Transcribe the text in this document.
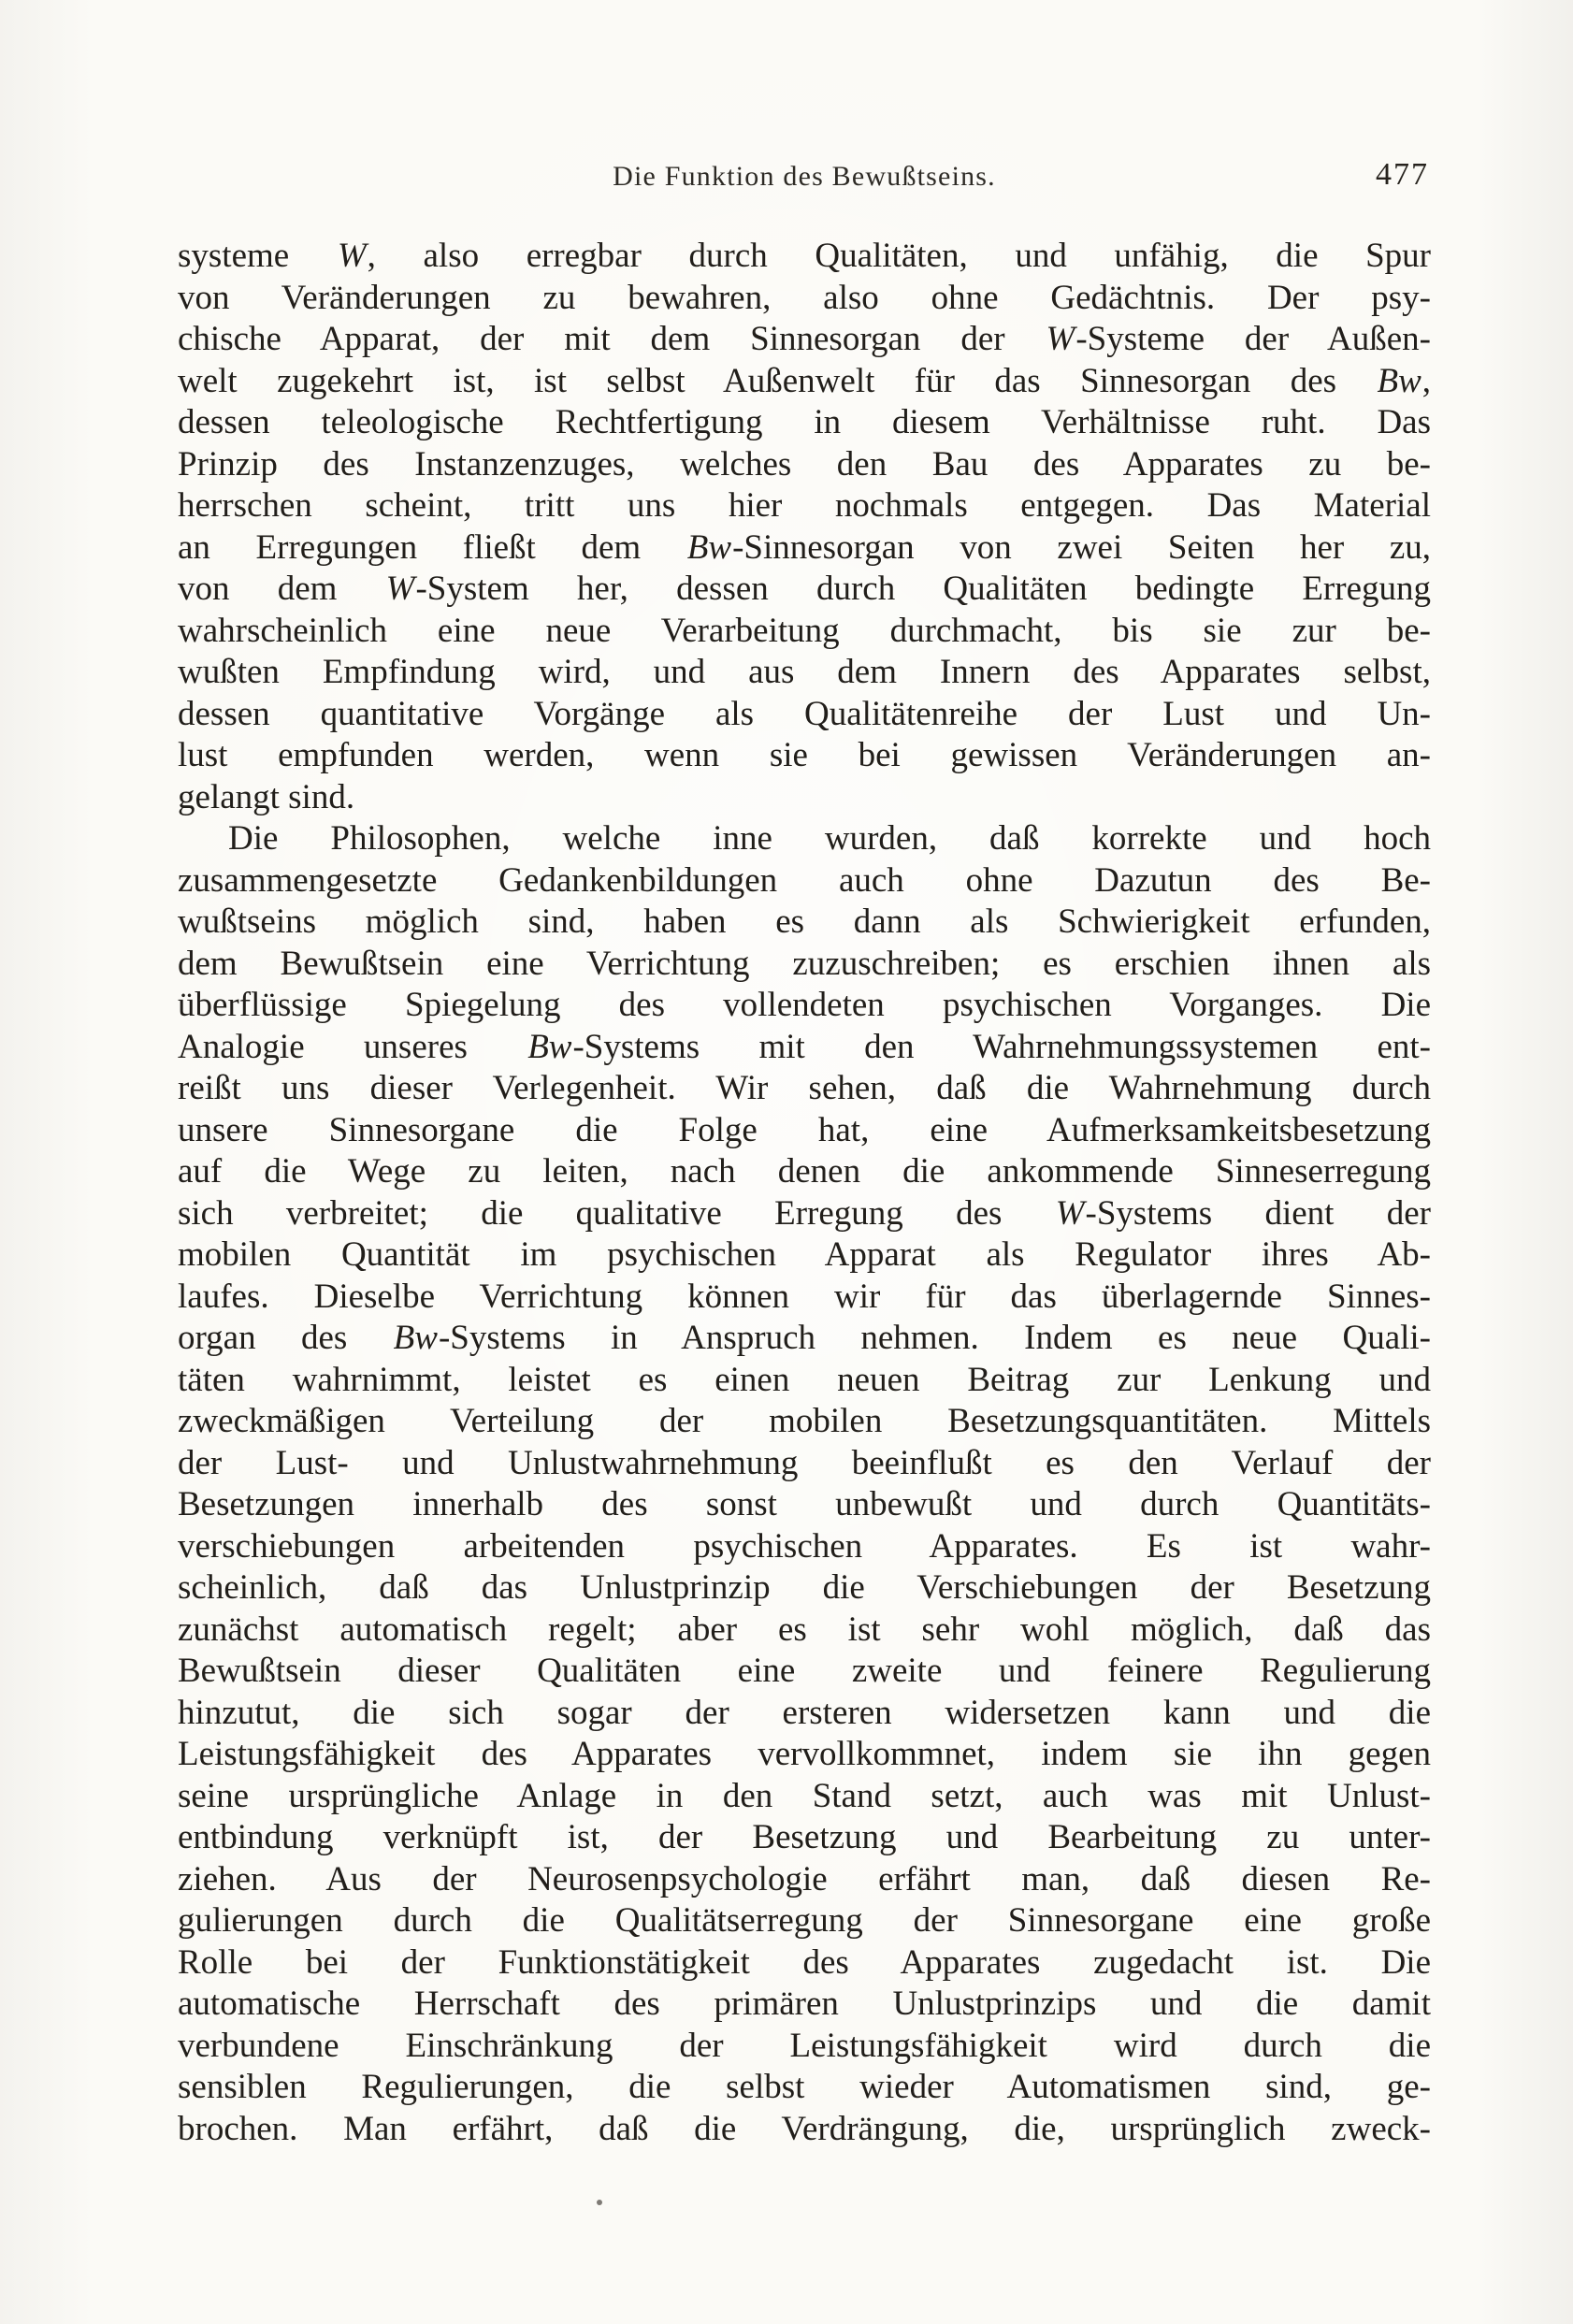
Die Funktion des Bewußtseins.	477
systeme W, also erregbar durch Qualitäten, und unfähig, die Spur
von Veränderungen zu bewahren, also ohne Gedächtnis. Der psy-
chische Apparat, der mit dem Sinnesorgan der W-Systeme der Außen-
welt zugekehrt ist, ist selbst Außenwelt für das Sinnesorgan des Bw,
dessen teleologische Rechtfertigung in diesem Verhältnisse ruht. Das
Prinzip des Instanzenzuges, welches den Bau des Apparates zu be-
herrschen scheint, tritt uns hier nochmals entgegen. Das Material
an Erregungen fließt dem Bw-Sinnesorgan von zwei Seiten her zu,
von dem W-System her, dessen durch Qualitäten bedingte Erregung
wahrscheinlich eine neue Verarbeitung durchmacht, bis sie zur be-
wußten Empfindung wird, und aus dem Innern des Apparates selbst,
dessen quantitative Vorgänge als Qualitätenreihe der Lust und Un-
lust empfunden werden, wenn sie bei gewissen Veränderungen an-
gelangt sind.
Die Philosophen, welche inne wurden, daß korrekte und hoch
zusammengesetzte Gedankenbildungen auch ohne Dazutun des Be-
wußtseins möglich sind, haben es dann als Schwierigkeit erfunden,
dem Bewußtsein eine Verrichtung zuzuschreiben; es erschien ihnen als
überflüssige Spiegelung des vollendeten psychischen Vorganges. Die
Analogie unseres Bw-Systems mit den Wahrnehmungssystemen ent-
reißt uns dieser Verlegenheit. Wir sehen, daß die Wahrnehmung durch
unsere Sinnesorgane die Folge hat, eine Aufmerksamkeitsbesetzung
auf die Wege zu leiten, nach denen die ankommende Sinneserregung
sich verbreitet; die qualitative Erregung des W-Systems dient der
mobilen Quantität im psychischen Apparat als Regulator ihres Ab-
laufes. Dieselbe Verrichtung können wir für das überlagernde Sinnes-
organ des Bw-Systems in Anspruch nehmen. Indem es neue Quali-
täten wahrnimmt, leistet es einen neuen Beitrag zur Lenkung und
zweckmäßigen Verteilung der mobilen Besetzungsquantitäten. Mittels
der Lust- und Unlustwahrnehmung beeinflußt es den Verlauf der
Besetzungen innerhalb des sonst unbewußt und durch Quantitäts-
verschiebungen arbeitenden psychischen Apparates. Es ist wahr-
scheinlich, daß das Unlustprinzip die Verschiebungen der Besetzung
zunächst automatisch regelt; aber es ist sehr wohl möglich, daß das
Bewußtsein dieser Qualitäten eine zweite und feinere Regulierung
hinzutut, die sich sogar der ersteren widersetzen kann und die
Leistungsfähigkeit des Apparates vervollkommnet, indem sie ihn gegen
seine ursprüngliche Anlage in den Stand setzt, auch was mit Unlust-
entbindung verknüpft ist, der Besetzung und Bearbeitung zu unter-
ziehen. Aus der Neurosenpsychologie erfährt man, daß diesen Re-
gulierungen durch die Qualitätserregung der Sinnesorgane eine große
Rolle bei der Funktionstätigkeit des Apparates zugedacht ist. Die
automatische Herrschaft des primären Unlustprinzips und die damit
verbundene Einschränkung der Leistungsfähigkeit wird durch die
sensiblen Regulierungen, die selbst wieder Automatismen sind, ge-
brochen. Man erfährt, daß die Verdrängung, die, ursprünglich zweck-
